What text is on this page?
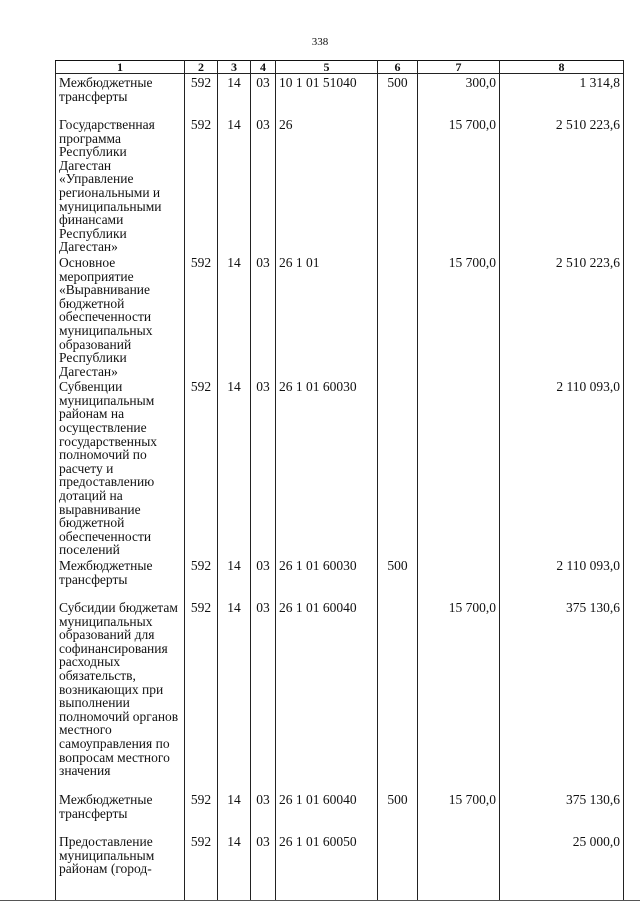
338
1	2	3	4	5	6	7	8
Межбюджетные трансферты	592	14	03	10 1 01 51040	500	300,0	1 314,8
Государственная программа Республики Дагестан «Управление региональными и муниципальными финансами Республики Дагестан»	592	14	03	26		15 700,0	2 510 223,6
Основное мероприятие «Выравнивание бюджетной обеспеченности муниципальных образований Республики Дагестан»	592	14	03	26 1 01		15 700,0	2 510 223,6
Субвенции муниципальным районам на осуществление государственных полномочий по расчету и предоставлению дотаций на выравнивание бюджетной обеспеченности поселений	592	14	03	26 1 01 60030			2 110 093,0
Межбюджетные трансферты	592	14	03	26 1 01 60030	500		2 110 093,0
Субсидии бюджетам муниципальных образований для софинансирования расходных обязательств, возникающих при выполнении полномочий органов местного самоуправления по вопросам местного значения	592	14	03	26 1 01 60040		15 700,0	375 130,6
Межбюджетные трансферты	592	14	03	26 1 01 60040	500	15 700,0	375 130,6
Предоставление муниципальным районам (город-	592	14	03	26 1 01 60050			25 000,0
